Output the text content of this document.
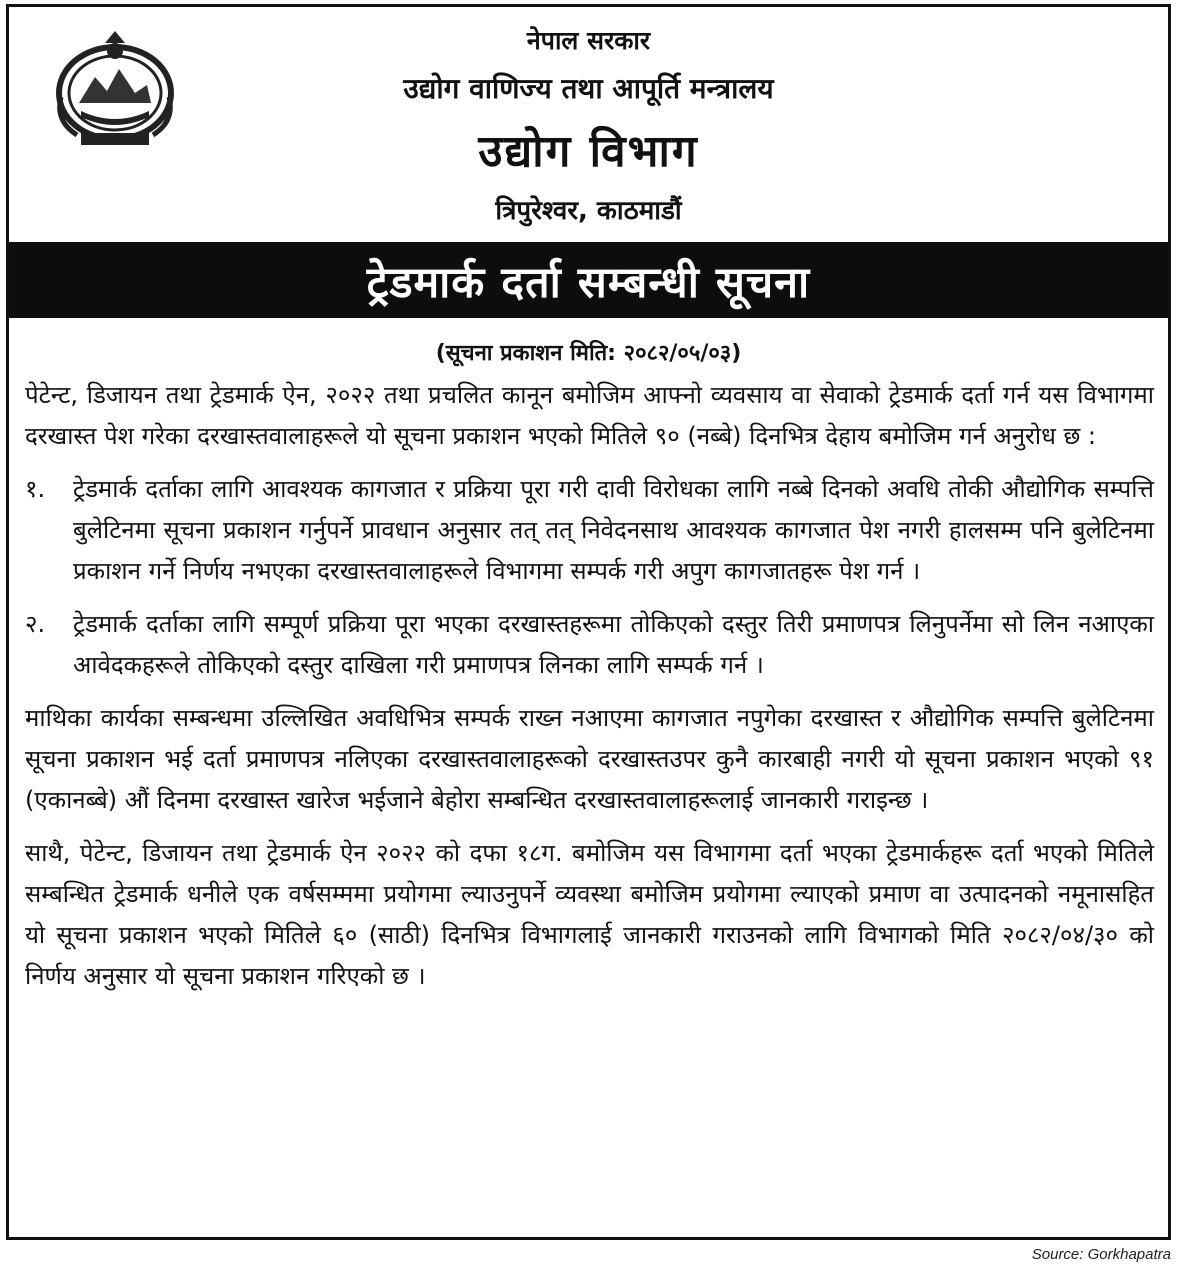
नेपाल सरकार
उद्योग वाणिज्य तथा आपूर्ति मन्त्रालय
उद्योग विभाग
त्रिपुरेश्वर, काठमाडौं
ट्रेडमार्क दर्ता सम्बन्धी सूचना
(सूचना प्रकाशन मिति: २०८२/०५/०३)

पेटेन्ट, डिजायन तथा ट्रेडमार्क ऐन, २०२२ तथा प्रचलित कानून बमोजिम आफ्नो व्यवसाय वा सेवाको ट्रेडमार्क दर्ता गर्न यस विभागमा दरखास्त पेश गरेका दरखास्तवालाहरूले यो सूचना प्रकाशन भएको मितिले ९० (नब्बे) दिनभित्र देहाय बमोजिम गर्न अनुरोध छ :

१.	ट्रेडमार्क दर्ताका लागि आवश्यक कागजात र प्रक्रिया पूरा गरी दावी विरोधका लागि नब्बे दिनको अवधि तोकी औद्योगिक सम्पत्ति बुलेटिनमा सूचना प्रकाशन गर्नुपर्ने प्रावधान अनुसार तत् तत् निवेदनसाथ आवश्यक कागजात पेश नगरी हालसम्म पनि बुलेटिनमा प्रकाशन गर्ने निर्णय नभएका दरखास्तवालाहरूले विभागमा सम्पर्क गरी अपुग कागजातहरू पेश गर्न ।
२.	ट्रेडमार्क दर्ताका लागि सम्पूर्ण प्रक्रिया पूरा भएका दरखास्तहरूमा तोकिएको दस्तुर तिरी प्रमाणपत्र लिनुपर्नेमा सो लिन नआएका आवेदकहरूले तोकिएको दस्तुर दाखिला गरी प्रमाणपत्र लिनका लागि सम्पर्क गर्न ।

माथिका कार्यका सम्बन्धमा उल्लिखित अवधिभित्र सम्पर्क राख्न नआएमा कागजात नपुगेका दरखास्त र औद्योगिक सम्पत्ति बुलेटिनमा सूचना प्रकाशन भई दर्ता प्रमाणपत्र नलिएका दरखास्तवालाहरूको दरखास्तउपर कुनै कारबाही नगरी यो सूचना प्रकाशन भएको ९१ (एकानब्बे) औं दिनमा दरखास्त खारेज भईजाने बेहोरा सम्बन्धित दरखास्तवालाहरूलाई जानकारी गराइन्छ ।

साथै, पेटेन्ट, डिजायन तथा ट्रेडमार्क ऐन २०२२ को दफा १८ग. बमोजिम यस विभागमा दर्ता भएका ट्रेडमार्कहरू दर्ता भएको मितिले सम्बन्धित ट्रेडमार्क धनीले एक वर्षसम्ममा प्रयोगमा ल्याउनुपर्ने व्यवस्था बमोजिम प्रयोगमा ल्याएको प्रमाण वा उत्पादनको नमूनासहित यो सूचना प्रकाशन भएको मितिले ६० (साठी) दिनभित्र विभागलाई जानकारी गराउनको लागि विभागको मिति २०८२/०४/३० को निर्णय अनुसार यो सूचना प्रकाशन गरिएको छ ।

Source: Gorkhapatra
